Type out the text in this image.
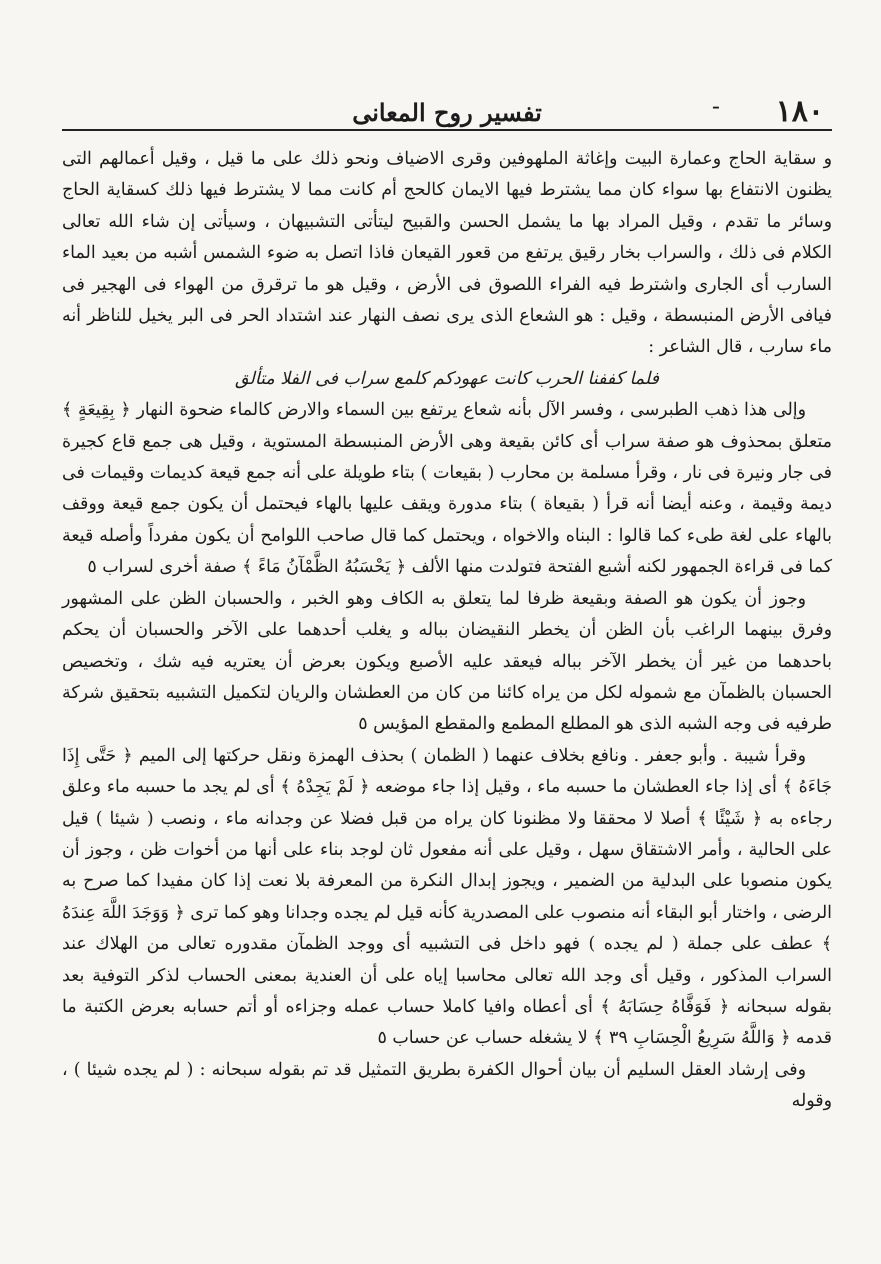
١٨٠
-
تفسير روح المعانى

و سقاية الحاج وعمارة البيت وإغاثة الملهوفين وقرى الاضياف ونحو ذلك على ما قيل ، وقيل أعمالهم التى يظنون الانتفاع بها سواء كان مما يشترط فيها الايمان كالحج أم كانت مما لا يشترط فيها ذلك كسقاية الحاج وسائر ما تقدم ، وقيل المراد بها ما يشمل الحسن والقبيح ليتأتى التشبيهان ، وسيأتى إن شاء الله تعالى الكلام فى ذلك ، والسراب بخار رقيق يرتفع من قعور القيعان فاذا اتصل به ضوء الشمس أشبه من بعيد الماء السارب أى الجارى واشترط فيه الفراء اللصوق فى الأرض ، وقيل هو ما ترقرق من الهواء فى الهجير فى فيافى الأرض المنبسطة ، وقيل : هو الشعاع الذى يرى نصف النهار عند اشتداد الحر فى البر يخيل للناظر أنه ماء سارب ، قال الشاعر :

فلما كففنا الحرب كانت عهودكم كلمع سراب فى الفلا متألق

وإلى هذا ذهب الطبرسى ، وفسر الآل بأنه شعاع يرتفع بين السماء والارض كالماء ضحوة النهار ﴿ بِقِيعَةٍ ﴾ متعلق بمحذوف هو صفة سراب أى كائن بقيعة وهى الأرض المنبسطة المستوية ، وقيل هى جمع قاع كجيرة فى جار ونيرة فى نار ، وقرأ مسلمة بن محارب ( بقيعات ) بتاء طويلة على أنه جمع قيعة كديمات وقيمات فى ديمة وقيمة ، وعنه أيضا أنه قرأ ( بقيعاة ) بتاء مدورة ويقف عليها بالهاء فيحتمل أن يكون جمع قيعة ووقف بالهاء على لغة طىء كما قالوا : البناه والاخواه ، ويحتمل كما قال صاحب اللوامح أن يكون مفرداً وأصله قيعة كما فى قراءة الجمهور لكنه أشبع الفتحة فتولدت منها الألف ﴿ يَحْسَبُهُ الظَّمْآنُ مَاءً ﴾ صفة أخرى لسراب ٥

وجوز أن يكون هو الصفة وبقيعة ظرفا لما يتعلق به الكاف وهو الخبر ، والحسبان الظن على المشهور وفرق بينهما الراغب بأن الظن أن يخطر النقيضان بباله و يغلب أحدهما على الآخر والحسبان أن يحكم باحدهما من غير أن يخطر الآخر بباله فيعقد عليه الأصبع ويكون بعرض أن يعتريه فيه شك ، وتخصيص الحسبان بالظمآن مع شموله لكل من يراه كائنا من كان من العطشان والريان لتكميل التشبيه بتحقيق شركة طرفيه فى وجه الشبه الذى هو المطلع المطمع والمقطع المؤيس ٥

وقرأ شيبة . وأبو جعفر . ونافع بخلاف عنهما ( الظمان ) بحذف الهمزة ونقل حركتها إلى الميم ﴿ حَتَّى إِذَا جَاءَهُ ﴾ أى إذا جاء العطشان ما حسبه ماء ، وقيل إذا جاء موضعه ﴿ لَمْ يَجِدْهُ ﴾ أى لم يجد ما حسبه ماء وعلق رجاءه به ﴿ شَيْئًا ﴾ أصلا لا محققا ولا مظنونا كان يراه من قبل فضلا عن وجدانه ماء ، ونصب ( شيئا ) قيل على الحالية ، وأمر الاشتقاق سهل ، وقيل على أنه مفعول ثان لوجد بناء على أنها من أخوات ظن ، وجوز أن يكون منصوبا على البدلية من الضمير ، ويجوز إبدال النكرة من المعرفة بلا نعت إذا كان مفيدا كما صرح به الرضى ، واختار أبو البقاء أنه منصوب على المصدرية كأنه قيل لم يجده وجدانا وهو كما ترى ﴿ وَوَجَدَ اللَّهَ عِندَهُ ﴾ عطف على جملة ( لم يجده ) فهو داخل فى التشبيه أى ووجد الظمآن مقدوره تعالى من الهلاك عند السراب المذكور ، وقيل أى وجد الله تعالى محاسبا إياه على أن العندية بمعنى الحساب لذكر التوفية بعد بقوله سبحانه ﴿ فَوَفَّاهُ حِسَابَهُ ﴾ أى أعطاه وافيا كاملا حساب عمله وجزاءه أو أتم حسابه بعرض الكتبة ما قدمه ﴿ وَاللَّهُ سَرِيعُ الْحِسَابِ ٣٩ ﴾ لا يشغله حساب عن حساب ٥

وفى إرشاد العقل السليم أن بيان أحوال الكفرة بطريق التمثيل قد تم بقوله سبحانه : ( لم يجده شيئا ) ، وقوله
